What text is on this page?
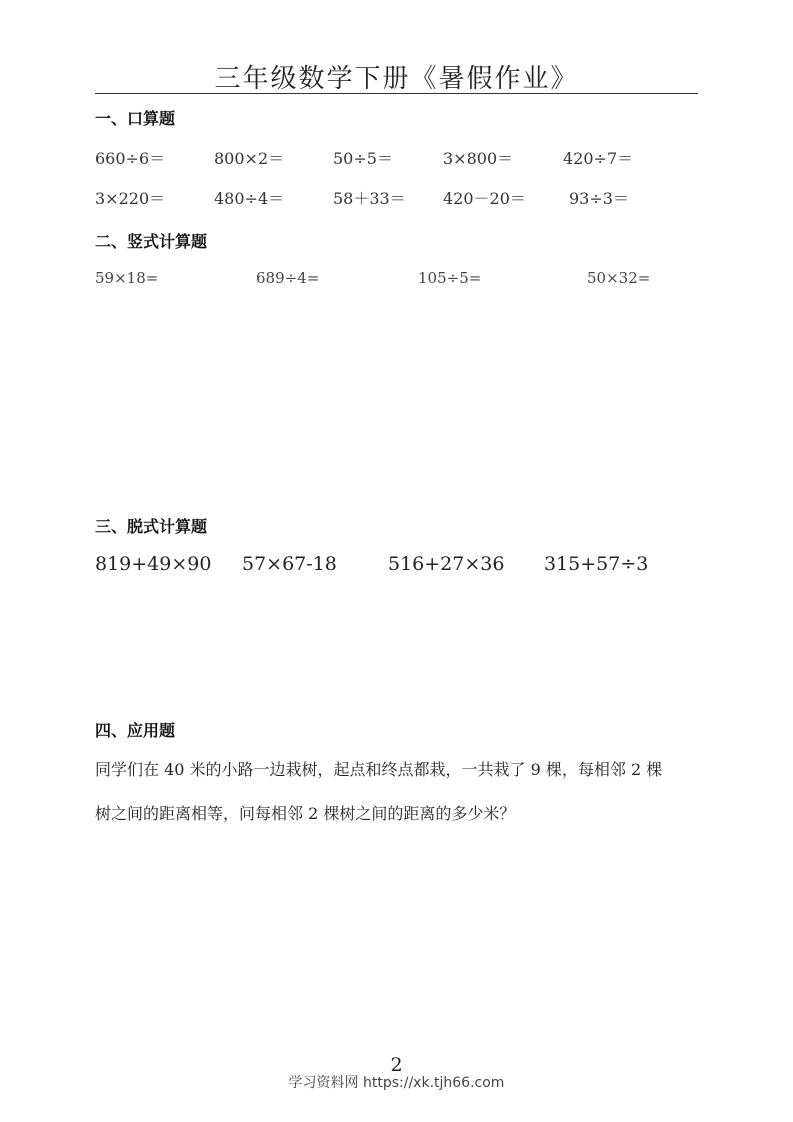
三年级数学下册《暑假作业》
一、口算题
660÷6＝	800×2＝	50÷5＝	3×800＝	420÷7＝
3×220＝	480÷4＝	58＋33＝ 420－20＝	93÷3＝
二、竖式计算题
59×18=	689÷4=	105÷5=	50×32=
三、脱式计算题
819+49×90 57×67-18	516+27×36 315+57÷3
四、应用题
同学们在 40 米的小路一边栽树，起点和终点都栽，一共栽了 9 棵，每相邻 2 棵
树之间的距离相等，问每相邻 2 棵树之间的距离的多少米？
2
学习资料网 https://xk.tjh66.com
